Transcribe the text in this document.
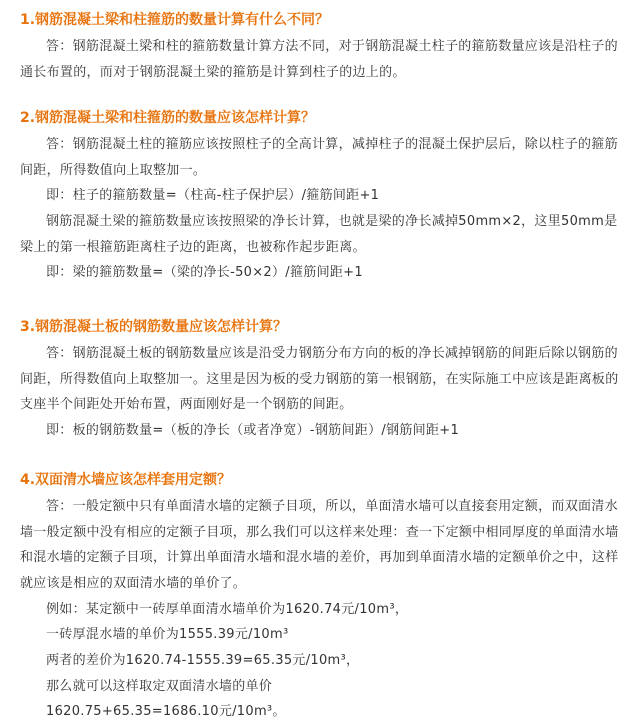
1.钢筋混凝土梁和柱箍筋的数量计算有什么不同？

答：钢筋混凝土梁和柱的箍筋数量计算方法不同，对于钢筋混凝土柱子的箍筋数量应该是沿柱子的通长布置的，而对于钢筋混凝土梁的箍筋是计算到柱子的边上的。

2.钢筋混凝土梁和柱箍筋的数量应该怎样计算？

答：钢筋混凝土柱的箍筋应该按照柱子的全高计算，减掉柱子的混凝土保护层后，除以柱子的箍筋间距，所得数值向上取整加一。

即：柱子的箍筋数量=（柱高-柱子保护层）/箍筋间距+1

钢筋混凝土梁的箍筋数量应该按照梁的净长计算，也就是梁的净长减掉50mm×2，这里50mm是梁上的第一根箍筋距离柱子边的距离，也被称作起步距离。

即：梁的箍筋数量=（梁的净长-50×2）/箍筋间距+1

3.钢筋混凝土板的钢筋数量应该怎样计算？

答：钢筋混凝土板的钢筋数量应该是沿受力钢筋分布方向的板的净长减掉钢筋的间距后除以钢筋的间距，所得数值向上取整加一。这里是因为板的受力钢筋的第一根钢筋，在实际施工中应该是距离板的支座半个间距处开始布置，两面刚好是一个钢筋的间距。

即：板的钢筋数量=（板的净长（或者净宽）-钢筋间距）/钢筋间距+1

4.双面清水墙应该怎样套用定额？

答：一般定额中只有单面清水墙的定额子目项，所以，单面清水墙可以直接套用定额，而双面清水墙一般定额中没有相应的定额子目项，那么我们可以这样来处理：查一下定额中相同厚度的单面清水墙和混水墙的定额子目项，计算出单面清水墙和混水墙的差价，再加到单面清水墙的定额单价之中，这样就应该是相应的双面清水墙的单价了。

例如：某定额中一砖厚单面清水墙单价为1620.74元/10m³，

一砖厚混水墙的单价为1555.39元/10m³

两者的差价为1620.74-1555.39=65.35元/10m³，

那么就可以这样取定双面清水墙的单价

1620.75+65.35=1686.10元/10m³。
